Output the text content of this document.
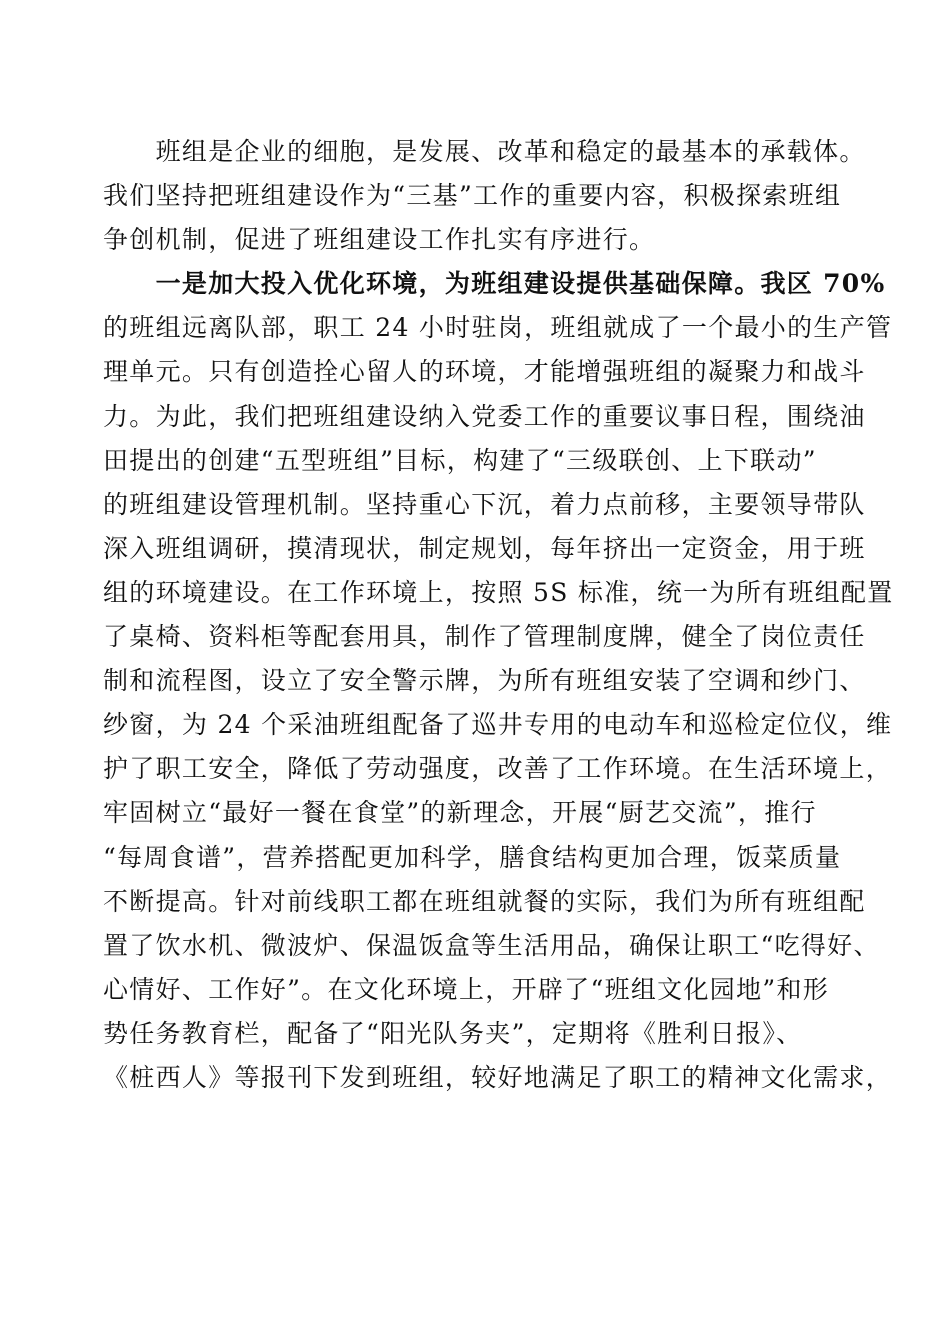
　　班组是企业的细胞，是发展、改革和稳定的最基本的承载体。
我们坚持把班组建设作为“三基”工作的重要内容，积极探索班组
争创机制，促进了班组建设工作扎实有序进行。
　　一是加大投入优化环境，为班组建设提供基础保障。我区 70%
的班组远离队部，职工 24 小时驻岗，班组就成了一个最小的生产管
理单元。只有创造拴心留人的环境，才能增强班组的凝聚力和战斗
力。为此，我们把班组建设纳入党委工作的重要议事日程，围绕油
田提出的创建“五型班组”目标，构建了“三级联创、上下联动”
的班组建设管理机制。坚持重心下沉，着力点前移，主要领导带队
深入班组调研，摸清现状，制定规划，每年挤出一定资金，用于班
组的环境建设。在工作环境上，按照 5S 标准，统一为所有班组配置
了桌椅、资料柜等配套用具，制作了管理制度牌，健全了岗位责任
制和流程图，设立了安全警示牌，为所有班组安装了空调和纱门、
纱窗，为 24 个采油班组配备了巡井专用的电动车和巡检定位仪，维
护了职工安全，降低了劳动强度，改善了工作环境。在生活环境上，
牢固树立“最好一餐在食堂”的新理念，开展“厨艺交流”，推行
“每周食谱”，营养搭配更加科学，膳食结构更加合理，饭菜质量
不断提高。针对前线职工都在班组就餐的实际，我们为所有班组配
置了饮水机、微波炉、保温饭盒等生活用品，确保让职工“吃得好、
心情好、工作好”。在文化环境上，开辟了“班组文化园地”和形
势任务教育栏，配备了“阳光队务夹”，定期将《胜利日报》、
《桩西人》等报刊下发到班组，较好地满足了职工的精神文化需求，
